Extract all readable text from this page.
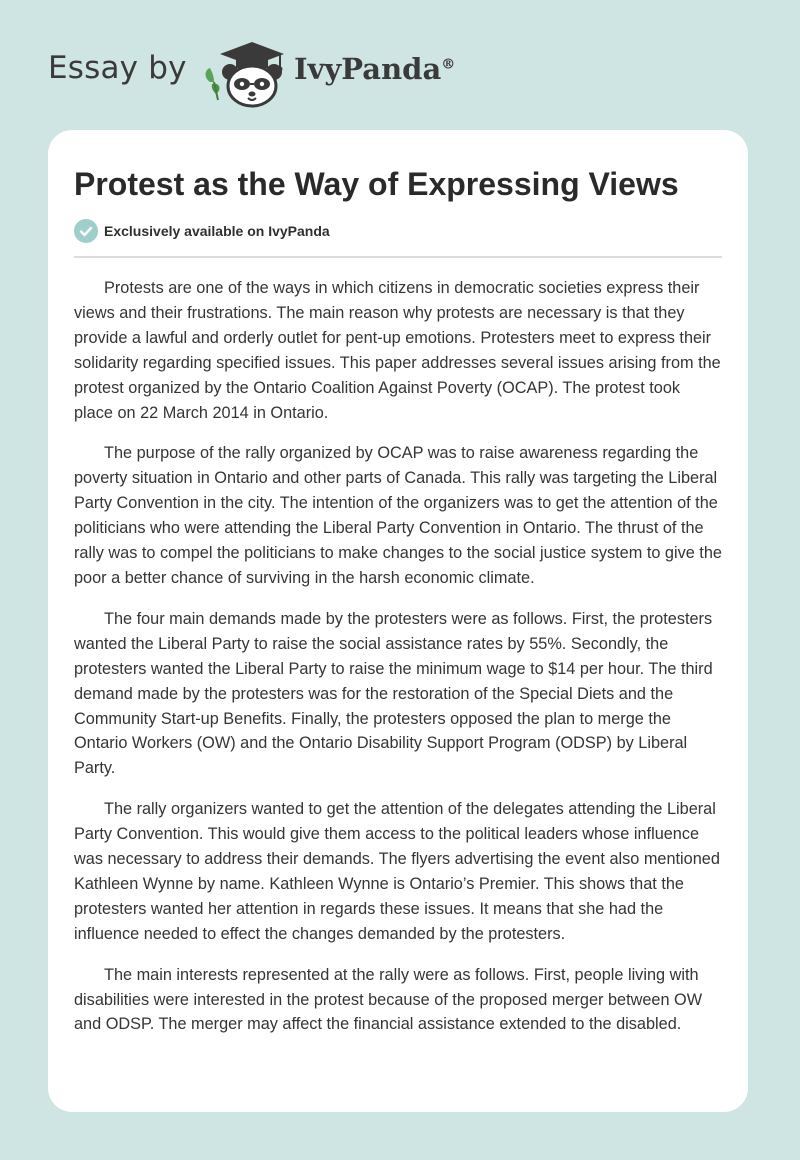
Essay by	IvyPanda®
Protest as the Way of Expressing Views
Exclusively available on IvyPanda

Protests are one of the ways in which citizens in democratic societies express their views and their frustrations. The main reason why protests are necessary is that they provide a lawful and orderly outlet for pent-up emotions. Protesters meet to express their solidarity regarding specified issues. This paper addresses several issues arising from the protest organized by the Ontario Coalition Against Poverty (OCAP). The protest took place on 22 March 2014 in Ontario.

The purpose of the rally organized by OCAP was to raise awareness regarding the poverty situation in Ontario and other parts of Canada. This rally was targeting the Liberal Party Convention in the city. The intention of the organizers was to get the attention of the politicians who were attending the Liberal Party Convention in Ontario. The thrust of the rally was to compel the politicians to make changes to the social justice system to give the poor a better chance of surviving in the harsh economic climate.

The four main demands made by the protesters were as follows. First, the protesters wanted the Liberal Party to raise the social assistance rates by 55%. Secondly, the protesters wanted the Liberal Party to raise the minimum wage to $14 per hour. The third demand made by the protesters was for the restoration of the Special Diets and the Community Start-up Benefits. Finally, the protesters opposed the plan to merge the Ontario Workers (OW) and the Ontario Disability Support Program (ODSP) by Liberal Party.

The rally organizers wanted to get the attention of the delegates attending the Liberal Party Convention. This would give them access to the political leaders whose influence was necessary to address their demands. The flyers advertising the event also mentioned Kathleen Wynne by name. Kathleen Wynne is Ontario’s Premier. This shows that the protesters wanted her attention in regards these issues. It means that she had the influence needed to effect the changes demanded by the protesters.

The main interests represented at the rally were as follows. First, people living with disabilities were interested in the protest because of the proposed merger between OW and ODSP. The merger may affect the financial assistance extended to the disabled.
